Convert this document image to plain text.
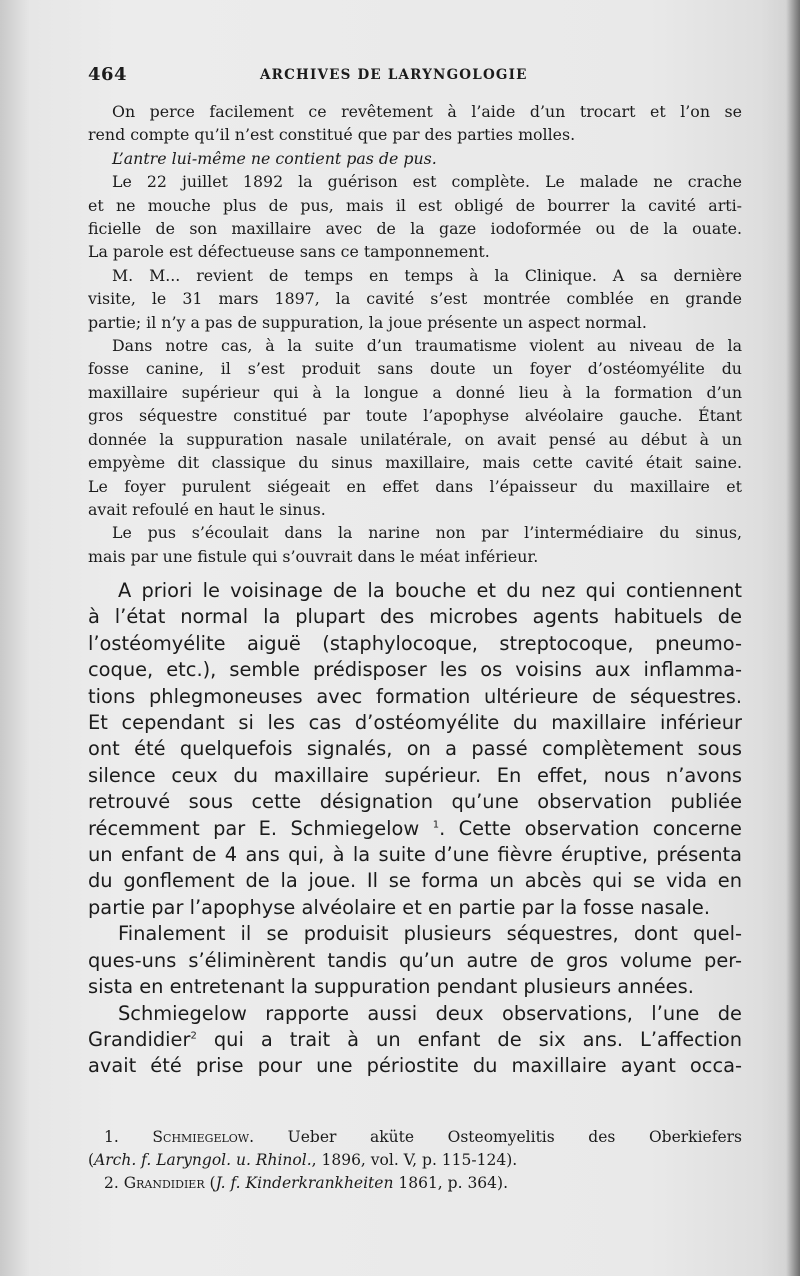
464	ARCHIVES DE LARYNGOLOGIE
On perce facilement ce revêtement à l’aide d’un trocart et l’on se
rend compte qu’il n’est constitué que par des parties molles.
L’antre lui-même ne contient pas de pus.
Le 22 juillet 1892 la guérison est complète. Le malade ne crache
et ne mouche plus de pus, mais il est obligé de bourrer la cavité arti-
ficielle de son maxillaire avec de la gaze iodoformée ou de la ouate.
La parole est défectueuse sans ce tamponnement.
M. M... revient de temps en temps à la Clinique. A sa dernière
visite, le 31 mars 1897, la cavité s’est montrée comblée en grande
partie; il n’y a pas de suppuration, la joue présente un aspect normal.
Dans notre cas, à la suite d’un traumatisme violent au niveau de la
fosse canine, il s’est produit sans doute un foyer d’ostéomyélite du
maxillaire supérieur qui à la longue a donné lieu à la formation d’un
gros séquestre constitué par toute l’apophyse alvéolaire gauche. Étant
donnée la suppuration nasale unilatérale, on avait pensé au début à un
empyème dit classique du sinus maxillaire, mais cette cavité était saine.
Le foyer purulent siégeait en effet dans l’épaisseur du maxillaire et
avait refoulé en haut le sinus.
Le pus s’écoulait dans la narine non par l’intermédiaire du sinus,
mais par une fistule qui s’ouvrait dans le méat inférieur.
A priori le voisinage de la bouche et du nez qui contiennent
à l’état normal la plupart des microbes agents habituels de
l’ostéomyélite aiguë (staphylocoque, streptocoque, pneumo-
coque, etc.), semble prédisposer les os voisins aux inflamma-
tions phlegmoneuses avec formation ultérieure de séquestres.
Et cependant si les cas d’ostéomyélite du maxillaire inférieur
ont été quelquefois signalés, on a passé complètement sous
silence ceux du maxillaire supérieur. En effet, nous n’avons
retrouvé sous cette désignation qu’une observation publiée
récemment par E. Schmiegelow $^1$. Cette observation concerne
un enfant de 4 ans qui, à la suite d’une fièvre éruptive, présenta
du gonflement de la joue. Il se forma un abcès qui se vida en
partie par l’apophyse alvéolaire et en partie par la fosse nasale.
Finalement il se produisit plusieurs séquestres, dont quel-
ques-uns s’éliminèrent tandis qu’un autre de gros volume per-
sista en entretenant la suppuration pendant plusieurs années.
Schmiegelow rapporte aussi deux observations, l’une de
Grandidier$^2$ qui a trait à un enfant de six ans. L’affection
avait été prise pour une périostite du maxillaire ayant occa-
1. Schmiegelow. Ueber aküte Osteomyelitis des Oberkiefers
(Arch. f. Laryngol. u. Rhinol., 1896, vol. V, p. 115-124).
2. Grandidier (J. f. Kinderkrankheiten 1861, p. 364).
